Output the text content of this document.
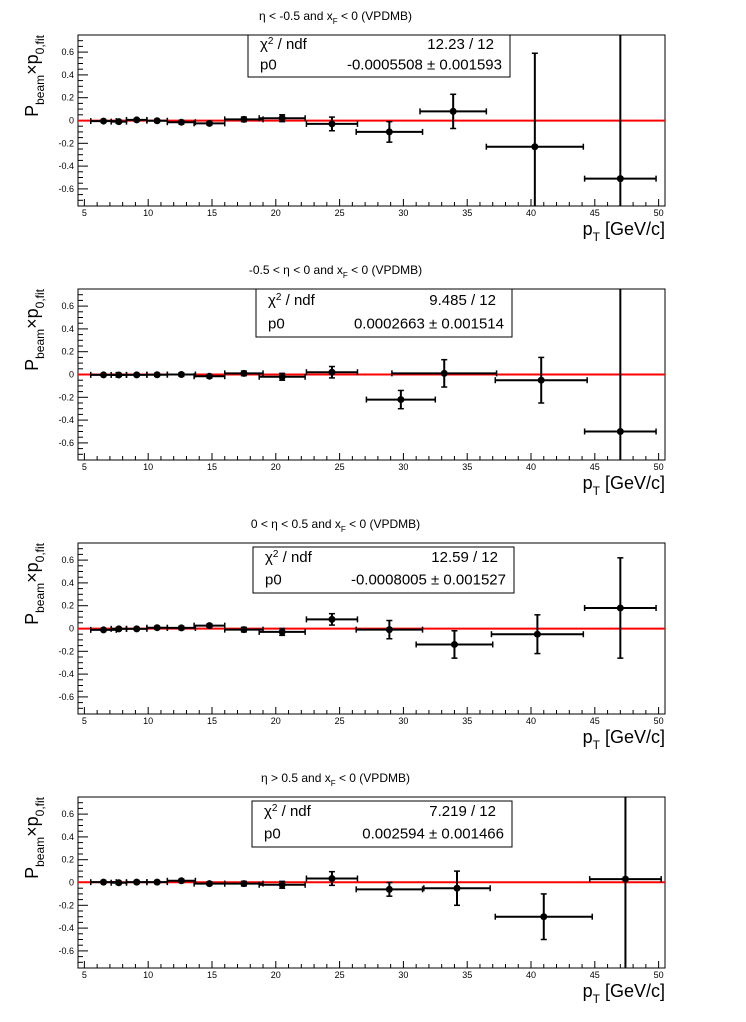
η < -0.5 and $x_F < 0$ (VPDMB)
5	10	15	20	25	30	35	40	45	50
-0.6
-0.4
-0.2
0
0.2
0.4
0.6
$p_T$ [GeV/c]
$P_{beam}\times p_{0,fit}$	$\chi^2$ / ndf	12.23 / 12
p0	-0.0005508 ± 0.001593
-0.5 < η < 0 and $x_F < 0$ (VPDMB)
5	10	15	20	25	30	35	40	45	50
-0.6
-0.4
-0.2
0
0.2
0.4
0.6
$p_T$ [GeV/c]
$P_{beam}\times p_{0,fit}$	$\chi^2$ / ndf	9.485 / 12
p0	0.0002663 ± 0.001514
0 < η < 0.5 and $x_F < 0$ (VPDMB)
5	10	15	20	25	30	35	40	45	50
-0.6
-0.4
-0.2
0
0.2
0.4
0.6
$p_T$ [GeV/c]
$P_{beam}\times p_{0,fit}$	$\chi^2$ / ndf	12.59 / 12
p0	-0.0008005 ± 0.001527
η > 0.5 and $x_F < 0$ (VPDMB)
5	10	15	20	25	30	35	40	45	50
-0.6
-0.4
-0.2
0
0.2
0.4
0.6
$p_T$ [GeV/c]
$P_{beam}\times p_{0,fit}$	$\chi^2$ / ndf	7.219 / 12
p0	0.002594 ± 0.001466
